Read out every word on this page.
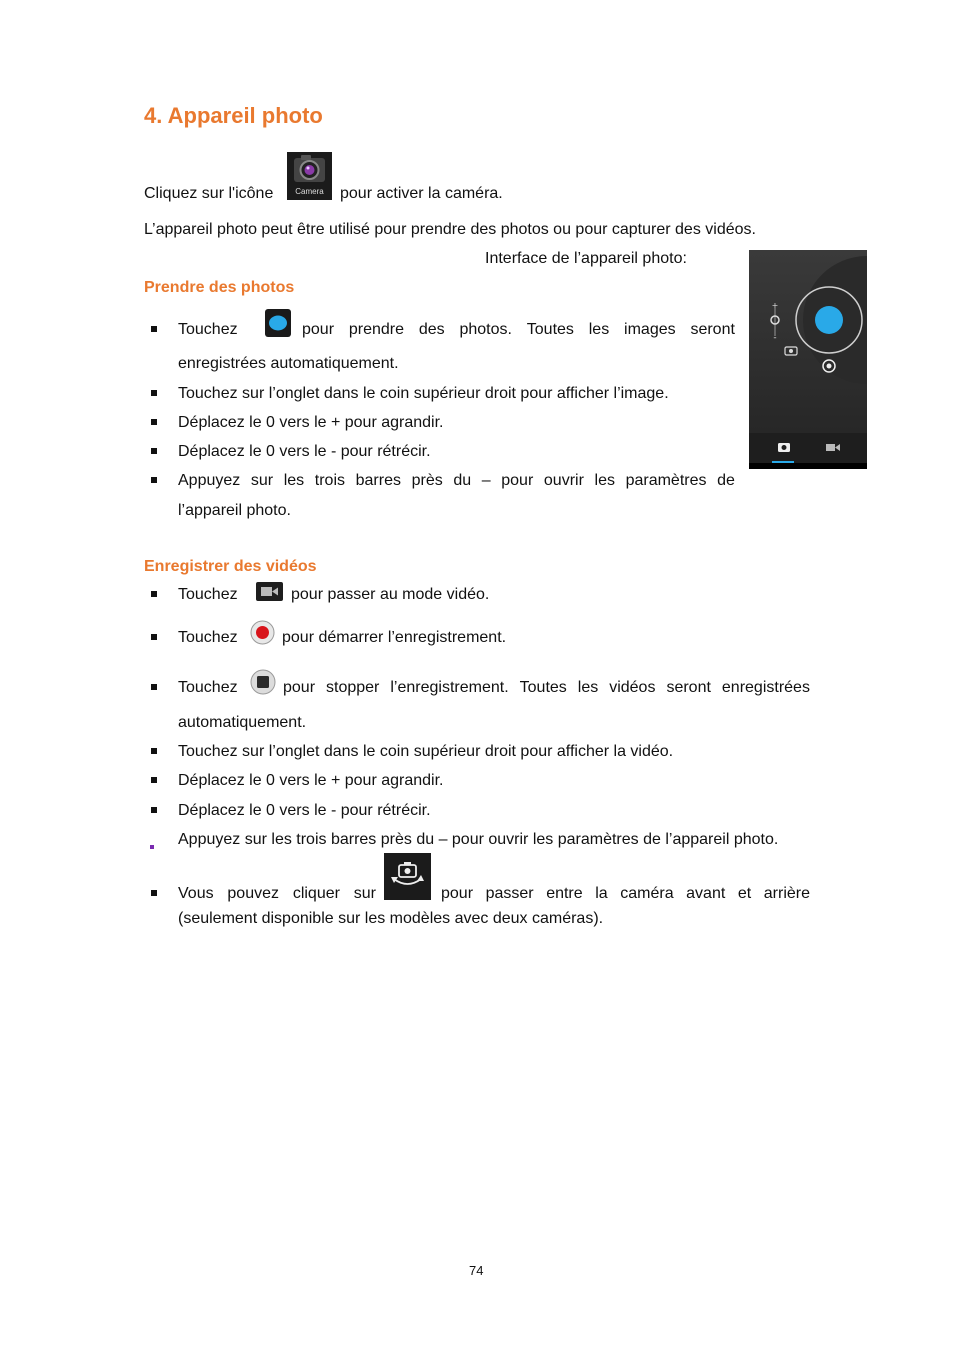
4. Appareil photo
Cliquez sur l'icône	Camera	pour activer la caméra.
L’appareil photo peut être utilisé pour prendre des photos ou pour capturer des vidéos.
Interface de l’appareil photo:
+
-
Prendre des photos
Touchez	pour prendre des photos. Toutes les images seront
enregistrées automatiquement.
Touchez sur l’onglet dans le coin supérieur droit pour afficher l’image.
Déplacez le 0 vers le + pour agrandir.
Déplacez le 0 vers le - pour rétrécir.
Appuyez sur les trois barres près du – pour ouvrir les paramètres de
l’appareil photo.
Enregistrer des vidéos
Touchez	pour passer au mode vidéo.
Touchez	pour démarrer l’enregistrement.
Touchez	pour stopper l’enregistrement. Toutes les vidéos seront enregistrées
automatiquement.
Touchez sur l’onglet dans le coin supérieur droit pour afficher la vidéo.
Déplacez le 0 vers le + pour agrandir.
Déplacez le 0 vers le - pour rétrécir.
Appuyez sur les trois barres près du – pour ouvrir les paramètres de l’appareil photo.
Vous pouvez cliquer sur	pour passer entre la caméra avant et arrière
(seulement disponible sur les modèles avec deux caméras).
74
